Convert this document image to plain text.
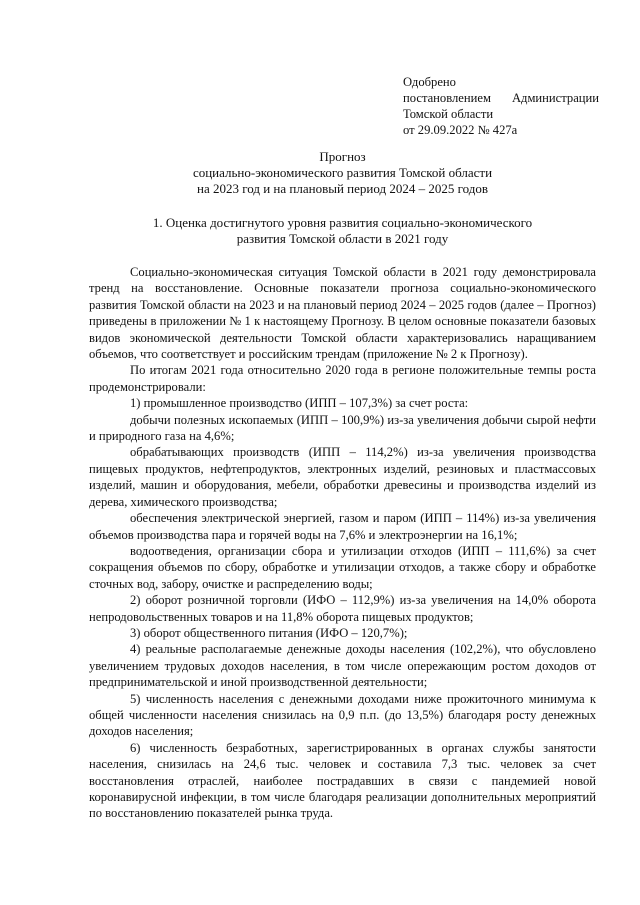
Одобрено
постановлением Администрации
Томской области
от 29.09.2022 № 427а
Прогноз
социально-экономического развития Томской области
на 2023 год и на плановый период 2024 – 2025 годов
1. Оценка достигнутого уровня развития социально-экономического
развития Томской области в 2021 году

Социально-экономическая ситуация Томской области в 2021 году демонстрировала тренд на восстановление. Основные показатели прогноза социально-экономического развития Томской области на 2023 и на плановый период 2024 – 2025 годов (далее – Прогноз) приведены в приложении № 1 к настоящему Прогнозу. В целом основные показатели базовых видов экономической деятельности Томской области характеризовались наращиванием объемов, что соответствует и российским трендам (приложение № 2 к Прогнозу).

По итогам 2021 года относительно 2020 года в регионе положительные темпы роста продемонстрировали:

1) промышленное производство (ИПП – 107,3%) за счет роста:

добычи полезных ископаемых (ИПП – 100,9%) из-за увеличения добычи сырой нефти и природного газа на 4,6%;

обрабатывающих производств (ИПП – 114,2%) из-за увеличения производства пищевых продуктов, нефтепродуктов, электронных изделий, резиновых и пластмассовых изделий, машин и оборудования, мебели, обработки древесины и производства изделий из дерева, химического производства;

обеспечения электрической энергией, газом и паром (ИПП – 114%) из-за увеличения объемов производства пара и горячей воды на 7,6% и электроэнергии на 16,1%;

водоотведения, организации сбора и утилизации отходов (ИПП – 111,6%) за счет сокращения объемов по сбору, обработке и утилизации отходов, а также сбору и обработке сточных вод, забору, очистке и распределению воды;

2) оборот розничной торговли (ИФО – 112,9%) из-за увеличения на 14,0% оборота непродовольственных товаров и на 11,8% оборота пищевых продуктов;

3) оборот общественного питания (ИФО – 120,7%);

4) реальные располагаемые денежные доходы населения (102,2%), что обусловлено увеличением трудовых доходов населения, в том числе опережающим ростом доходов от предпринимательской и иной производственной деятельности;

5) численность населения с денежными доходами ниже прожиточного минимума к общей численности населения снизилась на 0,9 п.п. (до 13,5%) благодаря росту денежных доходов населения;

6) численность безработных, зарегистрированных в органах службы занятости населения, снизилась на 24,6 тыс. человек и составила 7,3 тыс. человек за счет восстановления отраслей, наиболее пострадавших в связи с пандемией новой коронавирусной инфекции, в том числе благодаря реализации дополнительных мероприятий по восстановлению показателей рынка труда.
